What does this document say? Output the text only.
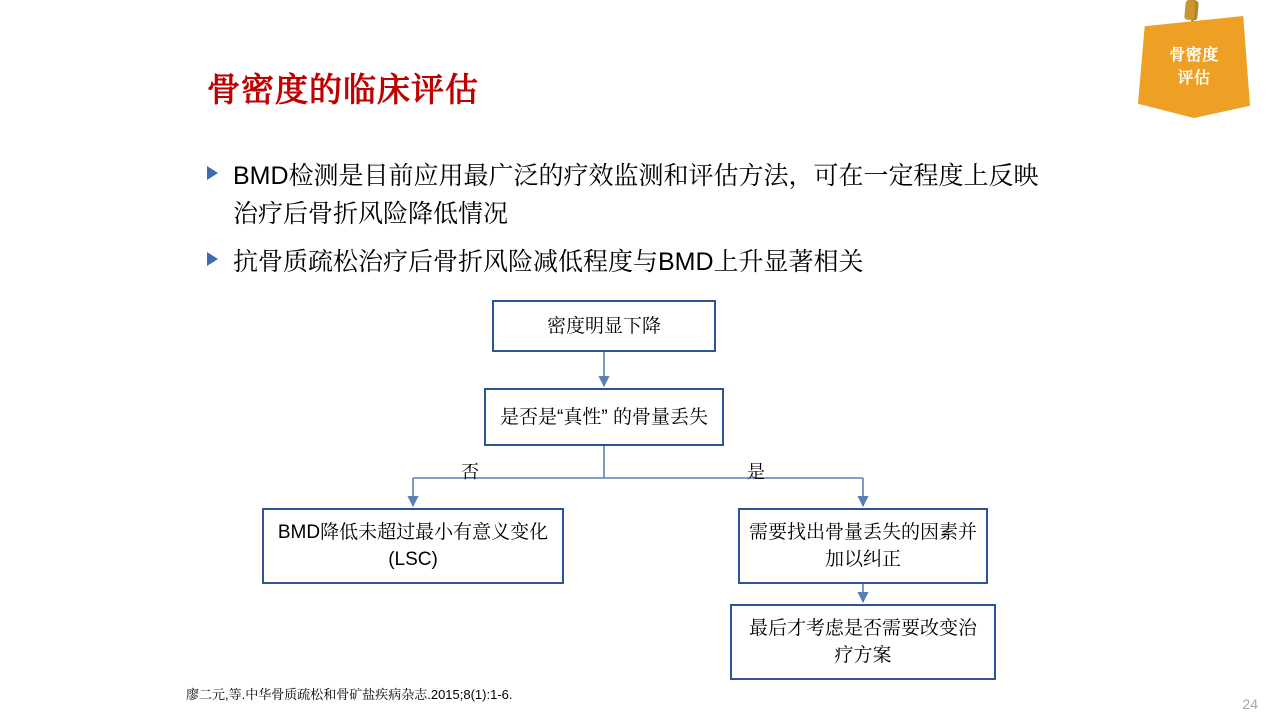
骨密度
评估
骨密度的临床评估
BMD检测是目前应用最广泛的疗效监测和评估方法，可在一定程度上反映治疗后骨折风险降低情况
抗骨质疏松治疗后骨折风险减低程度与BMD上升显著相关
密度明显下降
是否是“真性” 的骨量丢失
BMD降低未超过最小有意义变化(LSC)
需要找出骨量丢失的因素并加以纠正
最后才考虑是否需要改变治疗方案
否	是
廖二元,等.中华骨质疏松和骨矿盐疾病杂志.2015;8(1):1-6.
24
